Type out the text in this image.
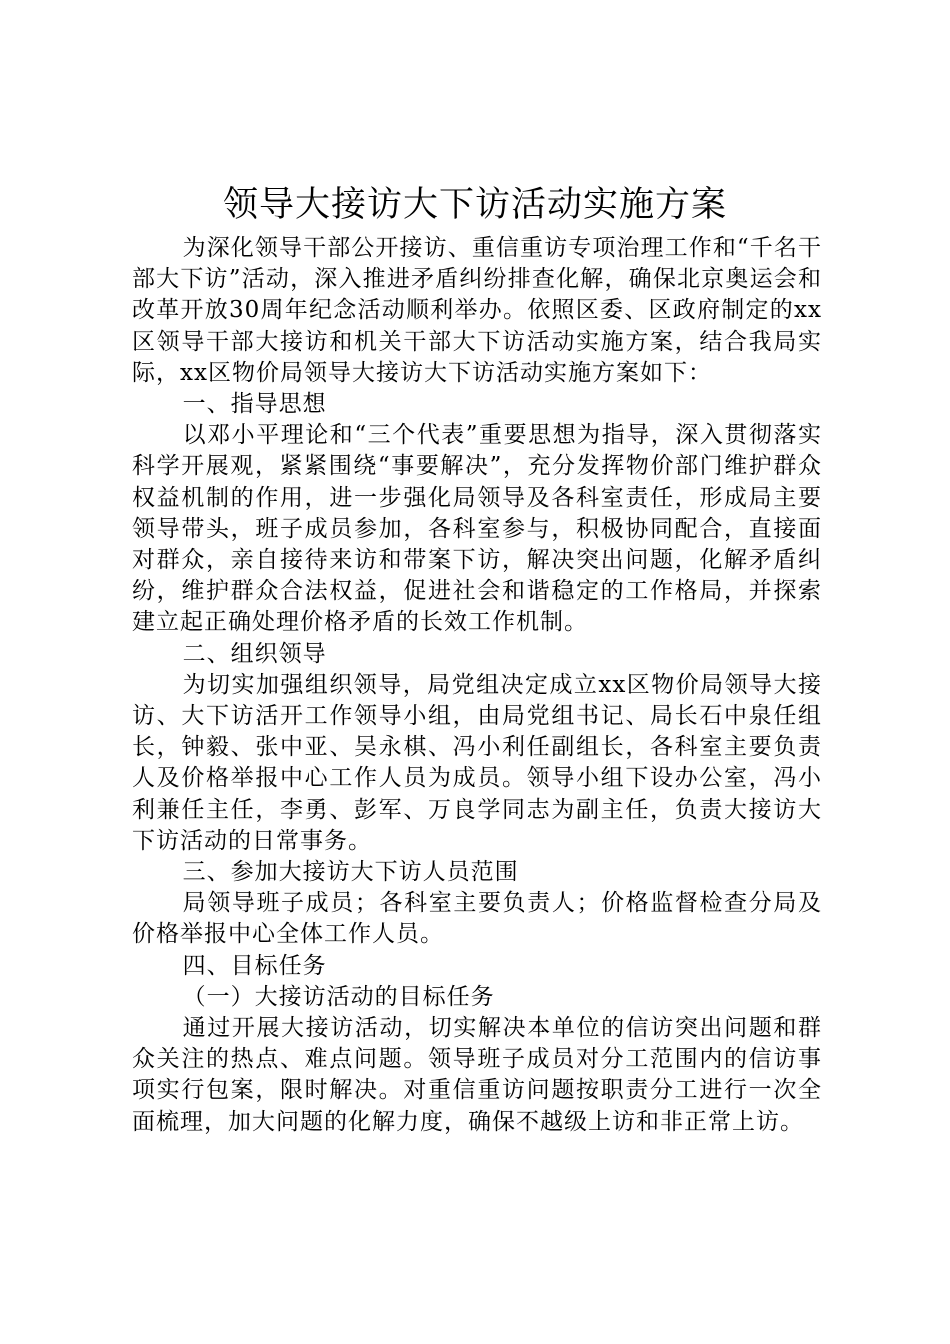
领导大接访大下访活动实施方案

为深化领导干部公开接访、重信重访专项治理工作和“千名干部大下访”活动，深入推进矛盾纠纷排查化解，确保北京奥运会和改革开放30周年纪念活动顺利举办。依照区委、区政府制定的xx区领导干部大接访和机关干部大下访活动实施方案，结合我局实际，xx区物价局领导大接访大下访活动实施方案如下：

一、指导思想

以邓小平理论和“三个代表”重要思想为指导，深入贯彻落实科学开展观，紧紧围绕“事要解决”，充分发挥物价部门维护群众权益机制的作用，进一步强化局领导及各科室责任，形成局主要领导带头，班子成员参加，各科室参与，积极协同配合，直接面对群众，亲自接待来访和带案下访，解决突出问题，化解矛盾纠纷，维护群众合法权益，促进社会和谐稳定的工作格局，并探索建立起正确处理价格矛盾的长效工作机制。

二、组织领导

为切实加强组织领导，局党组决定成立xx区物价局领导大接访、大下访活开工作领导小组，由局党组书记、局长石中泉任组长，钟毅、张中亚、吴永棋、冯小利任副组长，各科室主要负责人及价格举报中心工作人员为成员。领导小组下设办公室，冯小利兼任主任，李勇、彭军、万良学同志为副主任，负责大接访大下访活动的日常事务。

三、参加大接访大下访人员范围

局领导班子成员；各科室主要负责人；价格监督检查分局及价格举报中心全体工作人员。

四、目标任务

（一）大接访活动的目标任务

通过开展大接访活动，切实解决本单位的信访突出问题和群众关注的热点、难点问题。领导班子成员对分工范围内的信访事项实行包案，限时解决。对重信重访问题按职责分工进行一次全面梳理，加大问题的化解力度，确保不越级上访和非正常上访。
